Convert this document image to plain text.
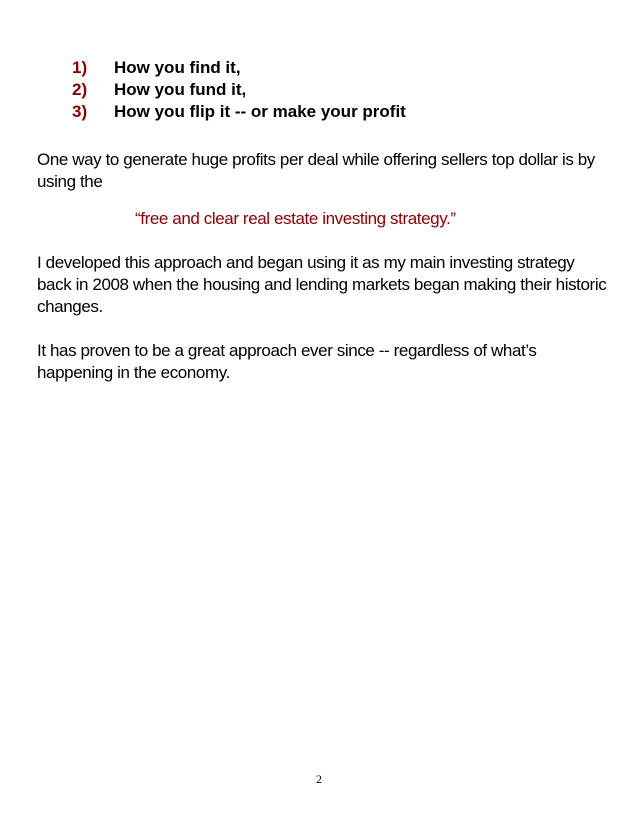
1) How you find it,
2) How you fund it,
3) How you flip it -- or make your profit

One way to generate huge profits per deal while offering sellers top dollar is by using the

“free and clear real estate investing strategy.”

I developed this approach and began using it as my main investing strategy back in 2008 when the housing and lending markets began making their historic changes.

It has proven to be a great approach ever since -- regardless of what’s happening in the economy.

2
